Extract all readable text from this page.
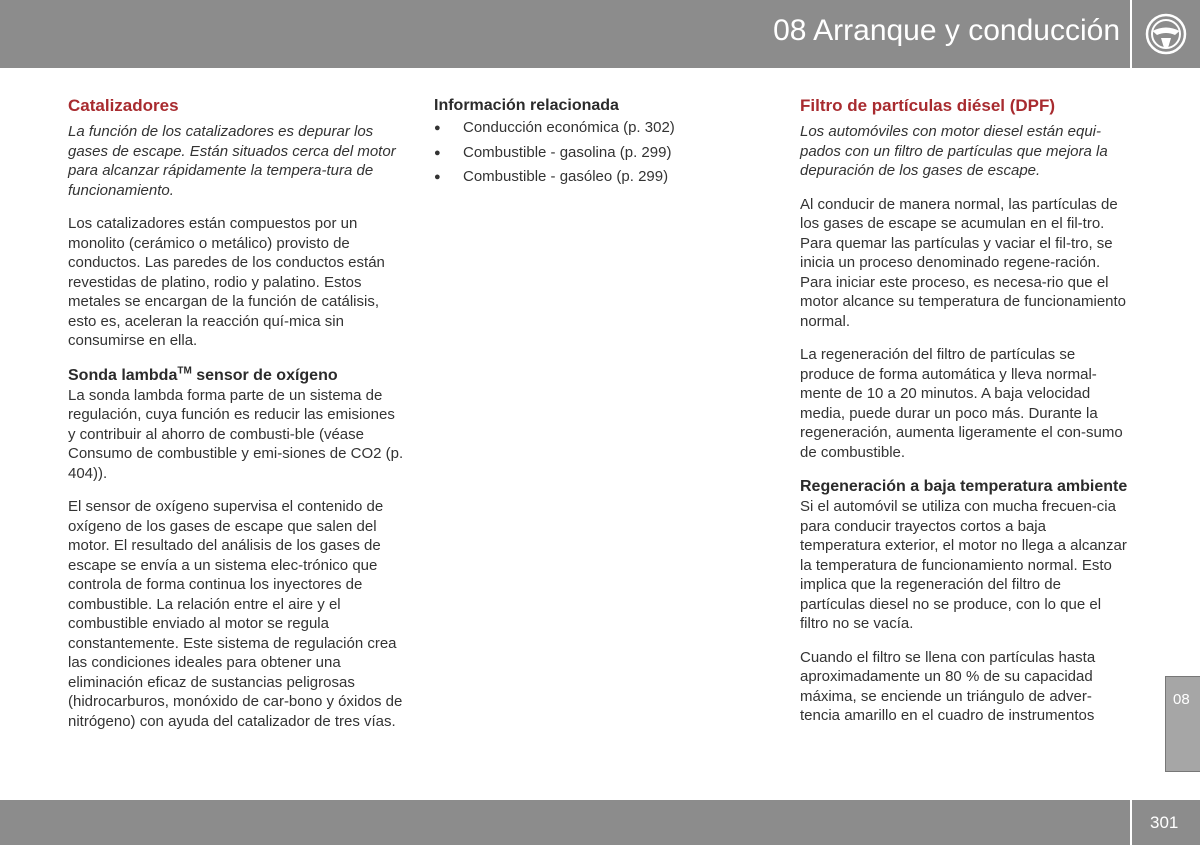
08 Arranque y conducción
Catalizadores

La función de los catalizadores es depurar los gases de escape. Están situados cerca del motor para alcanzar rápidamente la tempera-tura de funcionamiento.

Los catalizadores están compuestos por un monolito (cerámico o metálico) provisto de conductos. Las paredes de los conductos están revestidas de platino, rodio y palatino. Estos metales se encargan de la función de catálisis, esto es, aceleran la reacción quí-mica sin consumirse en ella.

Sonda lambda™ sensor de oxígeno

La sonda lambda forma parte de un sistema de regulación, cuya función es reducir las emisiones y contribuir al ahorro de combusti-ble (véase Consumo de combustible y emi-siones de CO2 (p. 404)).

El sensor de oxígeno supervisa el contenido de oxígeno de los gases de escape que salen del motor. El resultado del análisis de los gases de escape se envía a un sistema elec-trónico que controla de forma continua los inyectores de combustible. La relación entre el aire y el combustible enviado al motor se regula constantemente. Este sistema de regulación crea las condiciones ideales para obtener una eliminación eficaz de sustancias peligrosas (hidrocarburos, monóxido de car-bono y óxidos de nitrógeno) con ayuda del catalizador de tres vías.

Información relacionada
● Conducción económica (p. 302)
● Combustible - gasolina (p. 299)
● Combustible - gasóleo (p. 299)
Filtro de partículas diésel (DPF)

Los automóviles con motor diesel están equi-pados con un filtro de partículas que mejora la depuración de los gases de escape.

Al conducir de manera normal, las partículas de los gases de escape se acumulan en el fil-tro. Para quemar las partículas y vaciar el fil-tro, se inicia un proceso denominado regene-ración. Para iniciar este proceso, es necesa-rio que el motor alcance su temperatura de funcionamiento normal.

La regeneración del filtro de partículas se produce de forma automática y lleva normal-mente de 10 a 20 minutos. A baja velocidad media, puede durar un poco más. Durante la regeneración, aumenta ligeramente el con-sumo de combustible.

Regeneración a baja temperatura ambiente

Si el automóvil se utiliza con mucha frecuen-cia para conducir trayectos cortos a baja temperatura exterior, el motor no llega a alcanzar la temperatura de funcionamiento normal. Esto implica que la regeneración del filtro de partículas diesel no se produce, con lo que el filtro no se vacía.

Cuando el filtro se llena con partículas hasta aproximadamente un 80 % de su capacidad máxima, se enciende un triángulo de adver-tencia amarillo en el cuadro de instrumentos

08
301
